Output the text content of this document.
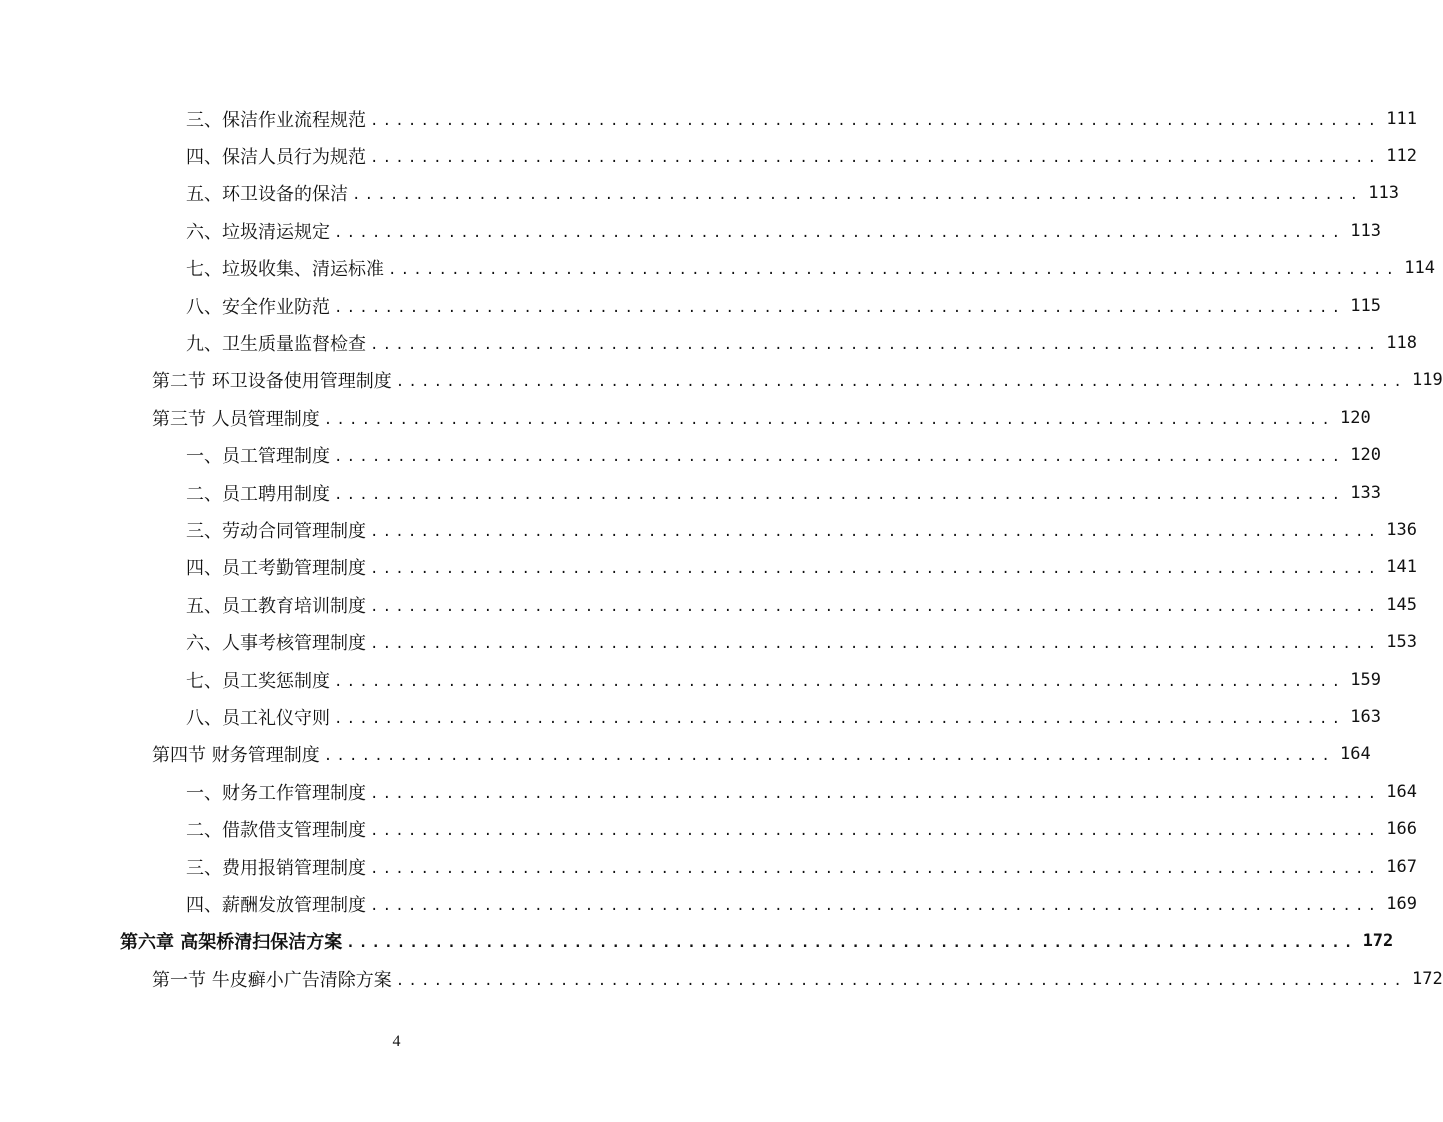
三、保洁作业流程规范 ................................................................................ 111
四、保洁人员行为规范 ................................................................................ 112
五、环卫设备的保洁 ................................................................................ 113
六、垃圾清运规定 ................................................................................ 113
七、垃圾收集、清运标准 ................................................................................ 114
八、安全作业防范 ................................................................................ 115
九、卫生质量监督检查 ................................................................................ 118
第二节 环卫设备使用管理制度 ................................................................................ 119
第三节 人员管理制度 ................................................................................ 120
一、员工管理制度 ................................................................................ 120
二、员工聘用制度 ................................................................................ 133
三、劳动合同管理制度 ................................................................................ 136
四、员工考勤管理制度 ................................................................................ 141
五、员工教育培训制度 ................................................................................ 145
六、人事考核管理制度 ................................................................................ 153
七、员工奖惩制度 ................................................................................ 159
八、员工礼仪守则 ................................................................................ 163
第四节 财务管理制度 ................................................................................ 164
一、财务工作管理制度 ................................................................................ 164
二、借款借支管理制度 ................................................................................ 166
三、费用报销管理制度 ................................................................................ 167
四、薪酬发放管理制度 ................................................................................ 169
第六章 高架桥清扫保洁方案 ................................................................................ 172
第一节 牛皮癣小广告清除方案 ................................................................................ 172
4
